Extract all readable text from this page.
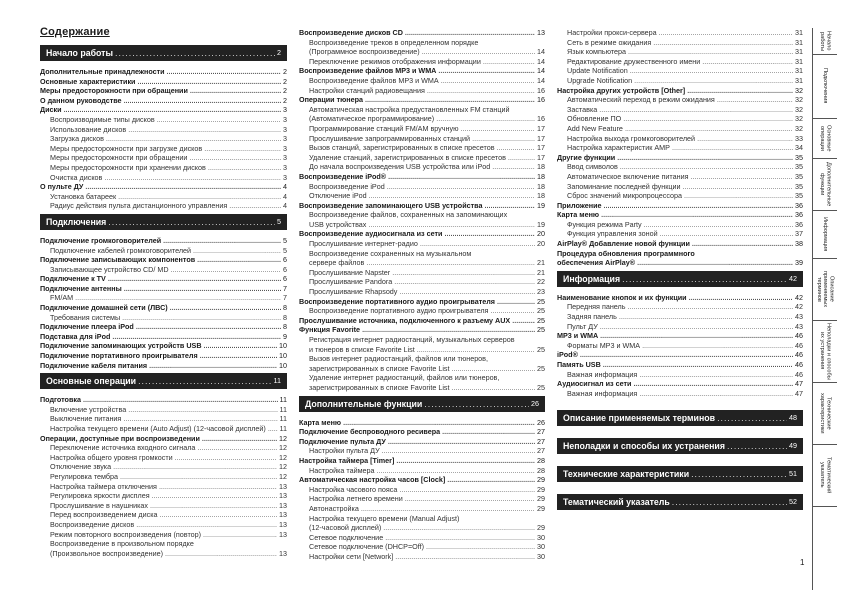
Содержание
Начало работы .....	2
Дополнительные принадлежности .....	2
Основные характеристики .....	2
Меры предосторожности при обращении .....	2
О данном руководстве .....	2
Диски .....	3
Воспроизводимые типы дисков .....	3
Использование дисков .....	3
Загрузка дисков .....	3
Меры предосторожности при загрузке дисков .....	3
Меры предосторожности при обращении .....	3
Меры предосторожности при хранении дисков .....	3
Очистка дисков .....	3
О пульте ДУ .....	4
Установка батареек .....	4
Радиус действия пульта дистанционного управления .....	4
Подключения .....	5
Подключение громкоговорителей .....	5
Подключение кабелей громкоговорителей .....	5
Подключение записывающих компонентов .....	6
Записывающее устройство CD/ MD .....	6
Подключение к TV .....	6
Подключение антенны .....	7
FM/AM .....	7
Подключение домашней сети (ЛВС) .....	8
Требования системы .....	8
Подключение плеера iPod .....	8
Подставка для iPod .....	9
Подключение запоминающих устройств USB .....	10
Подключение портативного проигрывателя .....	10
Подключение кабеля питания .....	10
Основные операции .....	11
Подготовка .....	11
Включение устройства .....	11
Выключение питания .....	11
Настройка текущего времени (Auto Adjust) (12-часовой дисплей) ..... 11
Операции, доступные при воспроизведении .....	12
Переключение источника входного сигнала .....	12
Настройка общего уровня громкости .....	12
Отключение звука .....	12
Регулировка тембра .....	12
Настройка таймера отключения .....	13
Регулировка яркости дисплея .....	13
Прослушивание в наушниках .....	13
Перед воспроизведением диска .....	13
Воспроизведение дисков .....	13
Режим повторного воспроизведения (повтор) .....	13
Воспроизведение в произвольном порядке
(Произвольное воспроизведение) .....	13
Воспроизведение дисков CD .....	13
Воспроизведение треков в определенном порядке
(Программное воспроизведение) .....	14
Переключение режимов отображения информации .....	14
Воспроизведение файлов MP3 и WMA .....	14
Воспроизведение файлов MP3 и WMA .....	14
Настройки станций радиовещания .....	16
Операции тюнера .....	16
Автоматическая настройка предустановленных FM станций
(Автоматическое программирование) .....	16
Программирование станций FM/AM вручную .....	17
Прослушивание запрограммированных станций .....	17
Вызов станций, зарегистрированных в списке пресетов .....	17
Удаление станций, зарегистрированных в списке пресетов .....	17
До начала воспроизведения USB устройства или iPod .....	18
Воспроизведение iPod® .....	18
Воспроизведение iPod .....	18
Отключение iPod .....	18
Воспроизведение запоминающего USB устройства .....	19
Воспроизведение файлов, сохраненных на запоминающих
USB устройствах .....	19
Воспроизведение аудиосигнала из сети .....	20
Прослушивание интернет-радио .....	20
Воспроизведение сохраненных на музыкальном
сервере файлов .....	21
Прослушивание Napster .....	21
Прослушивание Pandora .....	22
Прослушивание Rhapsody .....	23
Воспроизведение портативного аудио проигрывателя .....	25
Воспроизведение портативного аудио проигрывателя .....	25
Прослушивание источника, подключенного к разъему AUX .....	25
Функция Favorite .....	25
Регистрация интернет радиостанций, музыкальных серверов
и тюнеров в списке Favorite List .....	25
Вызов интернет радиостанций, файлов или тюнеров,
зарегистрированных в списке Favorite List .....	25
Удаление интернет радиостанций, файлов или тюнеров,
зарегистрированных в списке Favorite List .....	25
Дополнительные функции .....	26
Карта меню .....	26
Подключение беспроводного ресивера .....	27
Подключение пульта ДУ .....	27
Настройки пульта ДУ .....	27
Настройка таймера [Timer] .....	28
Настройка таймера .....	28
Автоматическая настройка часов [Clock] .....	29
Настройка часового пояса .....	29
Настройка летнего времени .....	29
Автонастройка .....	29
Настройка текущего времени (Manual Adjust)
(12-часовой дисплей) .....	29
Сетевое подключение .....	30
Сетевое подключение (DHCP=Off) .....	30
Настройки сети [Network] .....	30
Настройки прокси-сервера .....	31
Сеть в режиме ожидания .....	31
Язык компьютера .....	31
Редактирование дружественного имени .....	31
Update Notification .....	31
Upgrade Notification .....	31
Настройка других устройств [Other] .....	32
Автоматический переход в режим ожидания .....	32
Заставка .....	32
Обновление ПО .....	32
Add New Feature .....	32
Настройка выхода громкоговорителей .....	33
Настройка характеристик AMP .....	34
Другие функции .....	35
Ввод символов .....	35
Автоматическое включение питания .....	35
Запоминание последней функции .....	35
Сброс значений микропроцессора .....	35
Приложение .....	36
Карта меню .....	36
Функция режима Party .....	36
Функция управления зоной .....	37
AirPlay® Добавление новой функции .....	38
Процедура обновления программного
обеспечения AirPlay® .....	39
Информация .....	42
Наименование кнопок и их функции .....	42
Передняя панель .....	42
Задняя панель .....	43
Пульт ДУ .....	43
MP3 и WMA .....	46
Форматы MP3 и WMA .....	46
iPod® .....	46
Память USB .....	46
Важная информация .....	46
Аудиосигнал из сети .....	47
Важная информация .....	47
Описание применяемых терминов .....	48
Неполадки и способы их устранения .....	49
Технические характеристики .....	51
Тематический указатель .....	52
Начало работы
Подключения
Основные операции
Дополнительные функции
Информация
Описание применяемых терминов
Неполадки и способы их устранения
Технические характеристики
Тематический указатель
1
